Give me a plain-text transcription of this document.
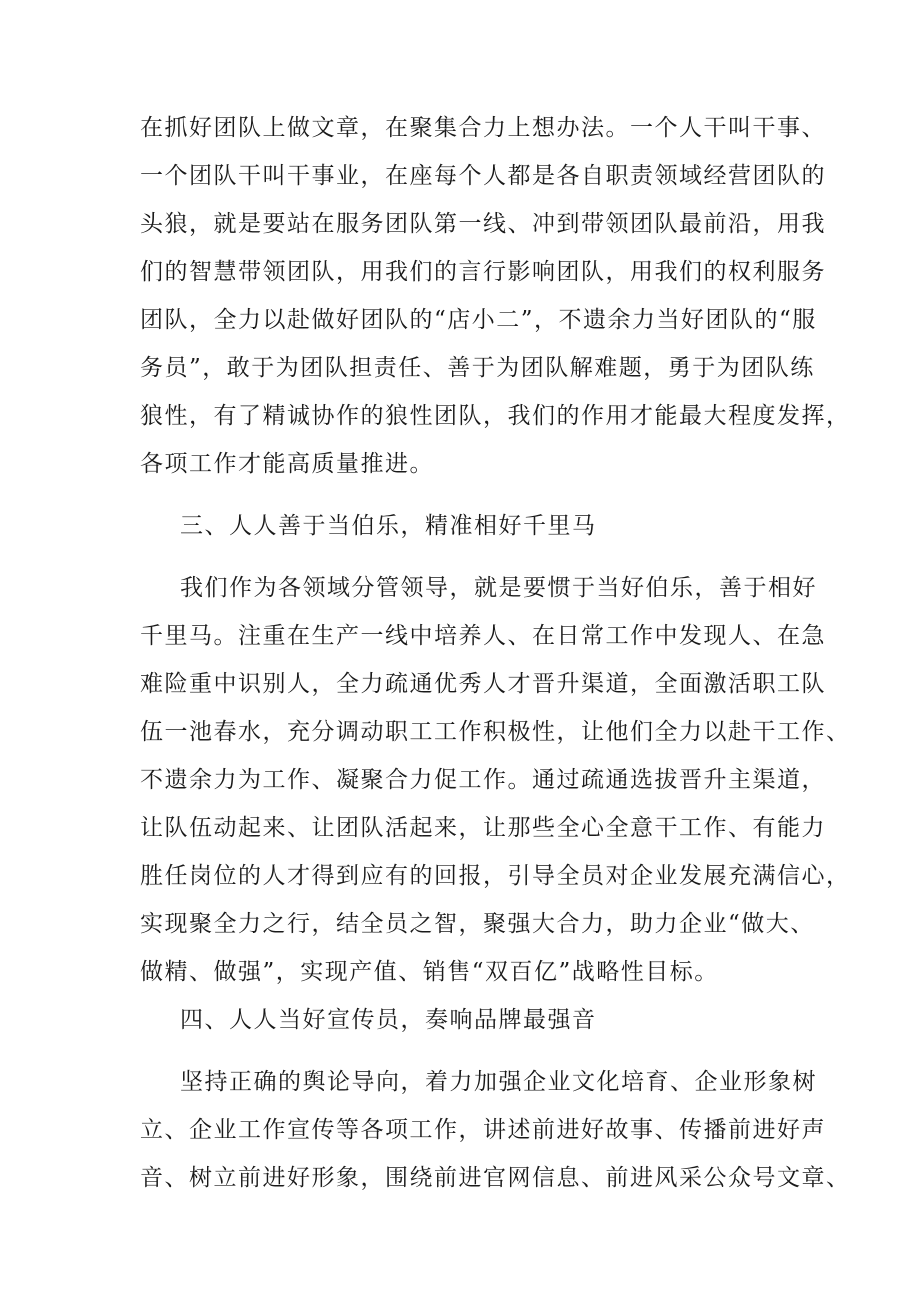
在抓好团队上做文章，在聚集合力上想办法。一个人干叫干事、
一个团队干叫干事业，在座每个人都是各自职责领域经营团队的
头狼，就是要站在服务团队第一线、冲到带领团队最前沿，用我
们的智慧带领团队，用我们的言行影响团队，用我们的权利服务
团队，全力以赴做好团队的“店小二”，不遗余力当好团队的“服
务员”，敢于为团队担责任、善于为团队解难题，勇于为团队练
狼性，有了精诚协作的狼性团队，我们的作用才能最大程度发挥，
各项工作才能高质量推进。
三、人人善于当伯乐，精准相好千里马
我们作为各领域分管领导，就是要惯于当好伯乐，善于相好
千里马。注重在生产一线中培养人、在日常工作中发现人、在急
难险重中识别人，全力疏通优秀人才晋升渠道，全面激活职工队
伍一池春水，充分调动职工工作积极性，让他们全力以赴干工作、
不遗余力为工作、凝聚合力促工作。通过疏通选拔晋升主渠道，
让队伍动起来、让团队活起来，让那些全心全意干工作、有能力
胜任岗位的人才得到应有的回报，引导全员对企业发展充满信心，
实现聚全力之行，结全员之智，聚强大合力，助力企业“做大、
做精、做强”，实现产值、销售“双百亿”战略性目标。
四、人人当好宣传员，奏响品牌最强音
坚持正确的舆论导向，着力加强企业文化培育、企业形象树
立、企业工作宣传等各项工作，讲述前进好故事、传播前进好声
音、树立前进好形象，围绕前进官网信息、前进风采公众号文章、
